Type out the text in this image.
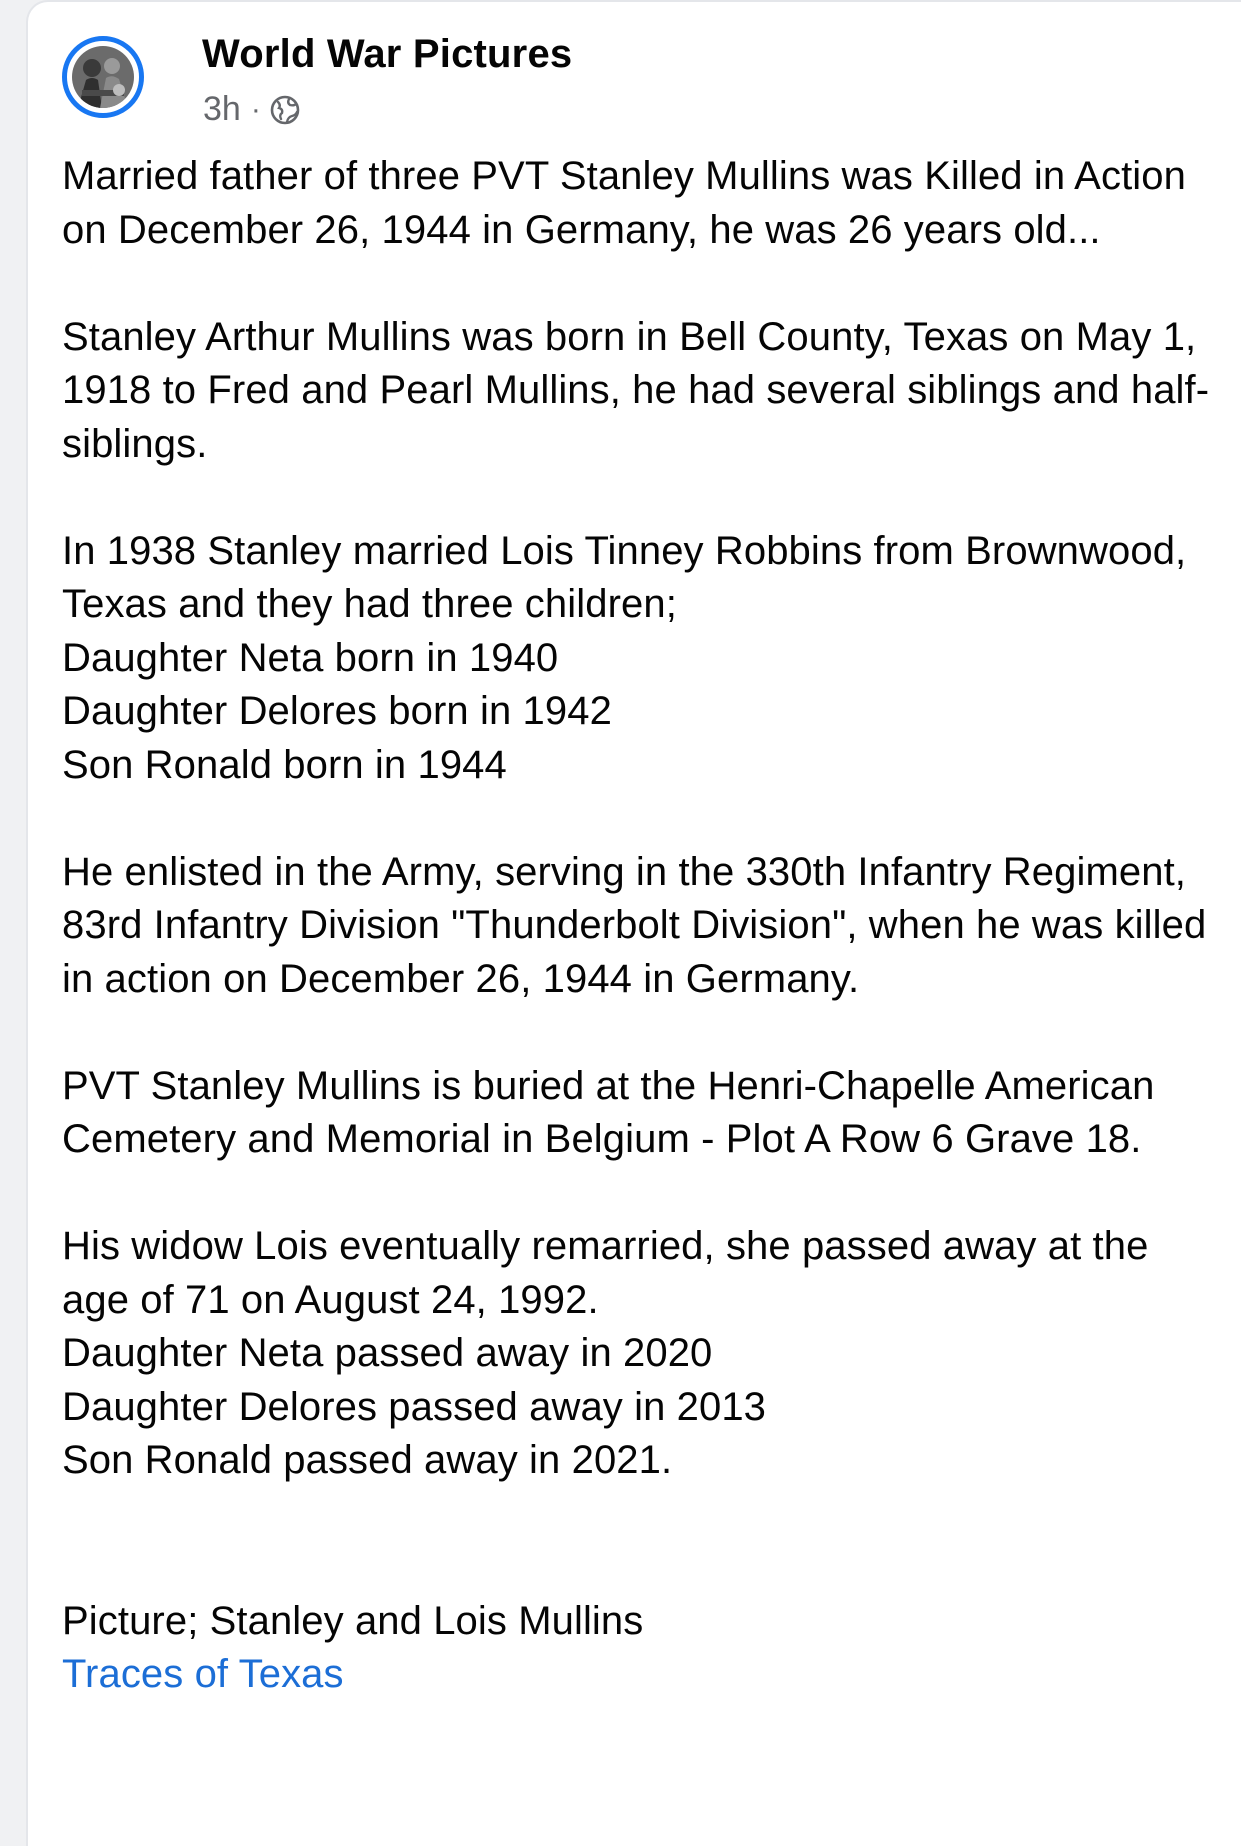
World War Pictures
3h ·
Married father of three PVT Stanley Mullins was Killed in Action on December 26, 1944 in Germany, he was 26 years old...
Stanley Arthur Mullins was born in Bell County, Texas on May 1, 1918 to Fred and Pearl Mullins, he had several siblings and half-siblings.
In 1938 Stanley married Lois Tinney Robbins from Brownwood, Texas and they had three children;
Daughter Neta born in 1940
Daughter Delores born in 1942
Son Ronald born in 1944
He enlisted in the Army, serving in the 330th Infantry Regiment, 83rd Infantry Division "Thunderbolt Division", when he was killed in action on December 26, 1944 in Germany.
PVT Stanley Mullins is buried at the Henri-Chapelle American Cemetery and Memorial in Belgium - Plot A Row 6 Grave 18.
His widow Lois eventually remarried, she passed away at the age of 71 on August 24, 1992.
Daughter Neta passed away in 2020
Daughter Delores passed away in 2013
Son Ronald passed away in 2021.

Picture; Stanley and Lois Mullins

Traces of Texas
